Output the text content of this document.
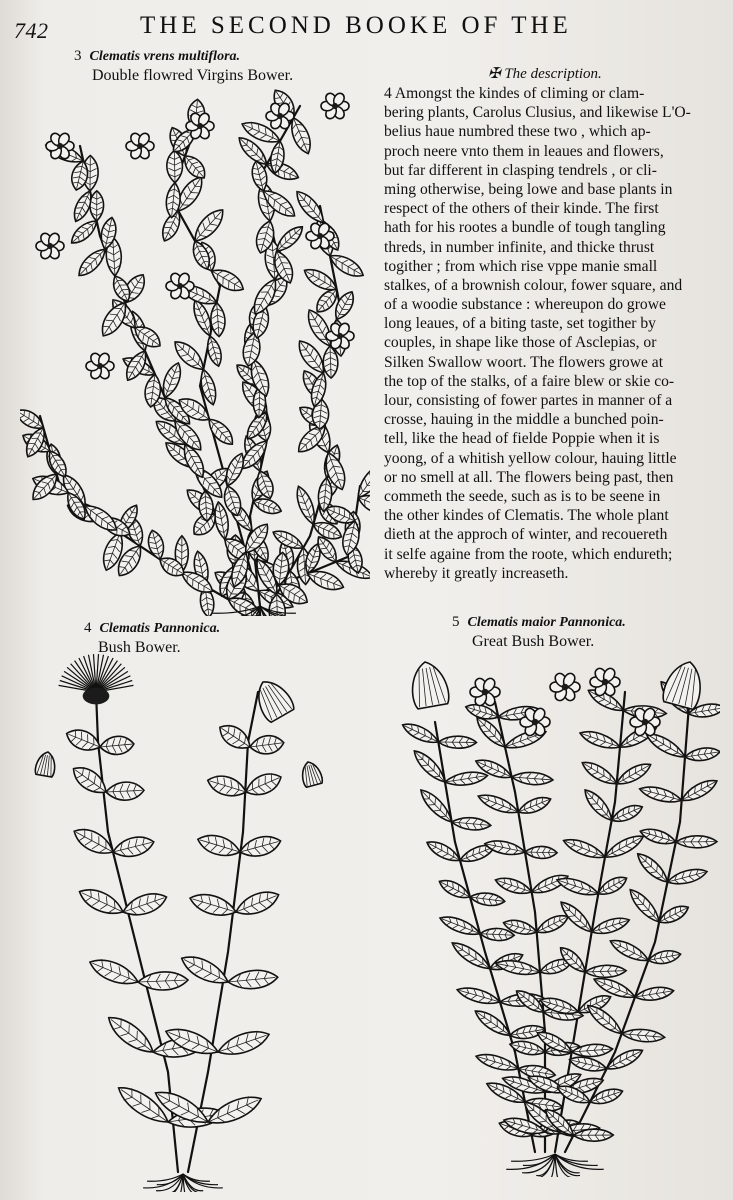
742	THE SECOND BOOKE OF THE
3 Clematis vrens multiflora.
Double flowred Virgins Bower.	✠ The description.
4 Amongst the kindes of climing or clam-
bering plants, Carolus Clusius, and likewise L'O-
belius haue numbred these two , which ap-
proch neere vnto them in leaues and flowers,
but far different in clasping tendrels , or cli-
ming otherwise, being lowe and base plants in
respect of the others of their kinde. The first
hath for his rootes a bundle of tough tangling
threds, in number infinite, and thicke thrust
togither ; from which rise vppe manie small
stalkes, of a brownish colour, fower square, and
of a woodie substance : whereupon do growe
long leaues, of a biting taste, set togither by
couples, in shape like those of Asclepias, or
Silken Swallow woort. The flowers growe at
the top of the stalks, of a faire blew or skie co-
lour, consisting of fower partes in manner of a
crosse, hauing in the middle a bunched poin-
tell, like the head of fielde Poppie when it is
yoong, of a whitish yellow colour, hauing little
or no smell at all. The flowers being past, then
commeth the seede, such as is to be seene in
the other kindes of Clematis. The whole plant
dieth at the approch of winter, and recouereth
it selfe againe from the roote, which endureth;
whereby it greatly increaseth.
4 Clematis Pannonica.
Bush Bower.
5 Clematis maior Pannonica.
Great Bush Bower.
